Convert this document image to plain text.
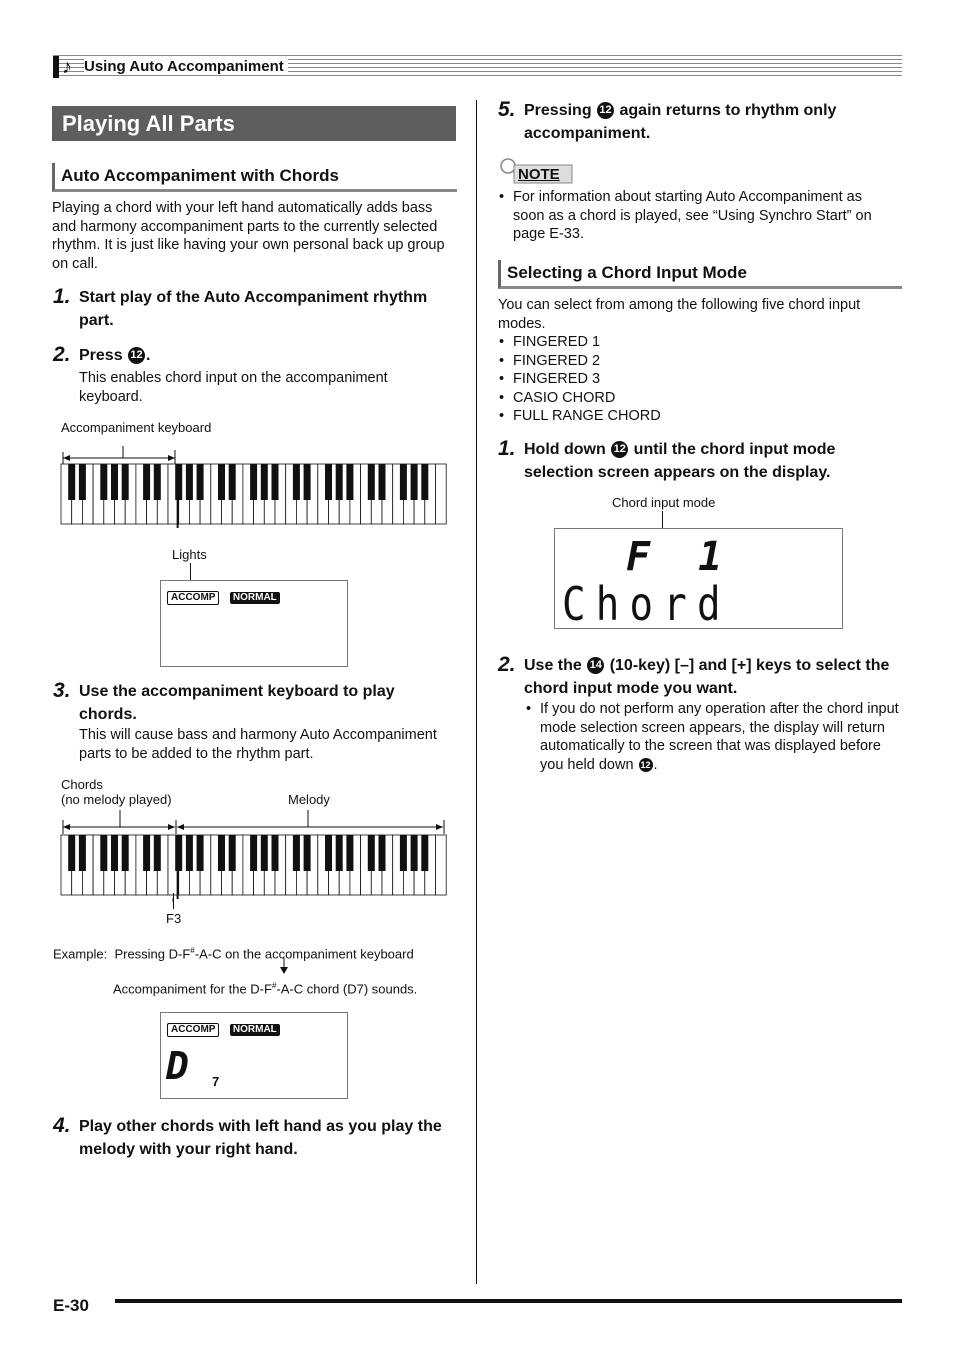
♪ Using Auto Accompaniment
Playing All Parts
Auto Accompaniment with Chords
Playing a chord with your left hand automatically adds bass and harmony accompaniment parts to the currently selected rhythm. It is just like having your own personal back up group on call.
1. Start play of the Auto Accompaniment rhythm part.
2. Press 12 .
This enables chord input on the accompaniment keyboard.
Accompaniment keyboard
Lights
ACCOMP NORMAL
3. Use the accompaniment keyboard to play chords.
This will cause bass and harmony Auto Accompaniment parts to be added to the rhythm part.
Chords
(no melody played)	Melody
F3
Example: Pressing D-F#-A-C on the accompaniment keyboard
Accompaniment for the D-F#-A-C chord (D7) sounds.
ACCOMP NORMAL
D 7
4. Play other chords with left hand as you play the melody with your right hand.
5. Pressing 12 again returns to rhythm only accompaniment.
NOTE
• For information about starting Auto Accompaniment as soon as a chord is played, see “Using Synchro Start” on page E-33.
Selecting a Chord Input Mode
You can select from among the following five chord input modes.
• FINGERED 1
• FINGERED 2
• FINGERED 3
• CASIO CHORD
• FULL RANGE CHORD
1. Hold down 12 until the chord input mode selection screen appears on the display.
Chord input mode
F 1
Chord
2. Use the 14 (10-key) [–] and [+] keys to select the chord input mode you want.
• If you do not perform any operation after the chord input mode selection screen appears, the display will return automatically to the screen that was displayed before you held down 12 .
E-30
